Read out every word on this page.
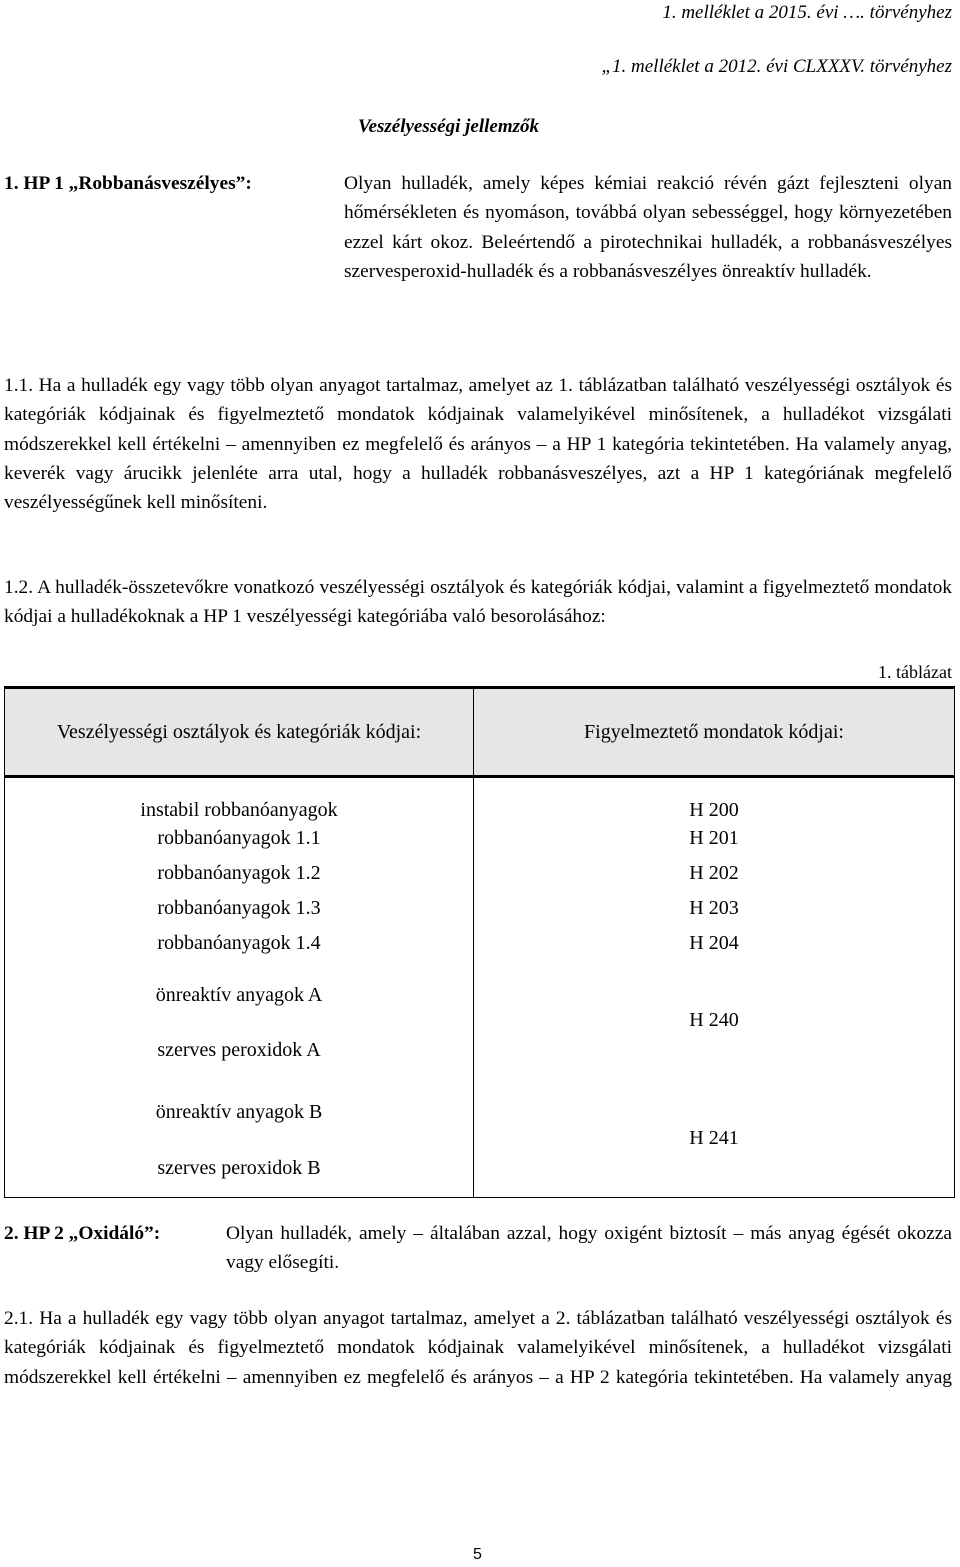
1. melléklet a 2015. évi …. törvényhez
„1. melléklet a 2012. évi CLXXXV. törvényhez
Veszélyességi jellemzők
1. HP 1 „Robbanásveszélyes”:	Olyan hulladék, amely képes kémiai reakció révén gázt fejleszteni olyan hőmérsékleten és nyomáson, továbbá olyan sebességgel, hogy környezetében ezzel kárt okoz. Beleértendő a pirotechnikai hulladék, a robbanásveszélyes szervesperoxid-hulladék és a robbanásveszélyes önreaktív hulladék.
1.1. Ha a hulladék egy vagy több olyan anyagot tartalmaz, amelyet az 1. táblázatban található veszélyességi osztályok és kategóriák kódjainak és figyelmeztető mondatok kódjainak valamelyikével minősítenek, a hulladékot vizsgálati módszerekkel kell értékelni – amennyiben ez megfelelő és arányos – a HP 1 kategória tekintetében. Ha valamely anyag, keverék vagy árucikk jelenléte arra utal, hogy a hulladék robbanásveszélyes, azt a HP 1 kategóriának megfelelő veszélyességűnek kell minősíteni.
1.2. A hulladék-összetevőkre vonatkozó veszélyességi osztályok és kategóriák kódjai, valamint a figyelmeztető mondatok kódjai a hulladékoknak a HP 1 veszélyességi kategóriába való besorolásához:
1. táblázat
Veszélyességi osztályok és kategóriák kódjai:	Figyelmeztető mondatok kódjai:
instabil robbanóanyagok	H 200
robbanóanyagok 1.1	H 201
robbanóanyagok 1.2	H 202
robbanóanyagok 1.3	H 203
robbanóanyagok 1.4	H 204
önreaktív anyagok A	H 240
szerves peroxidok A	
önreaktív anyagok B	H 241
szerves peroxidok B	
2. HP 2 „Oxidáló”:	Olyan hulladék, amely – általában azzal, hogy oxigént biztosít – más anyag égését okozza vagy elősegíti.
2.1. Ha a hulladék egy vagy több olyan anyagot tartalmaz, amelyet a 2. táblázatban található veszélyességi osztályok és kategóriák kódjainak és figyelmeztető mondatok kódjainak valamelyikével minősítenek, a hulladékot vizsgálati módszerekkel kell értékelni – amennyiben ez megfelelő és arányos – a HP 2 kategória tekintetében. Ha valamely anyag
5
